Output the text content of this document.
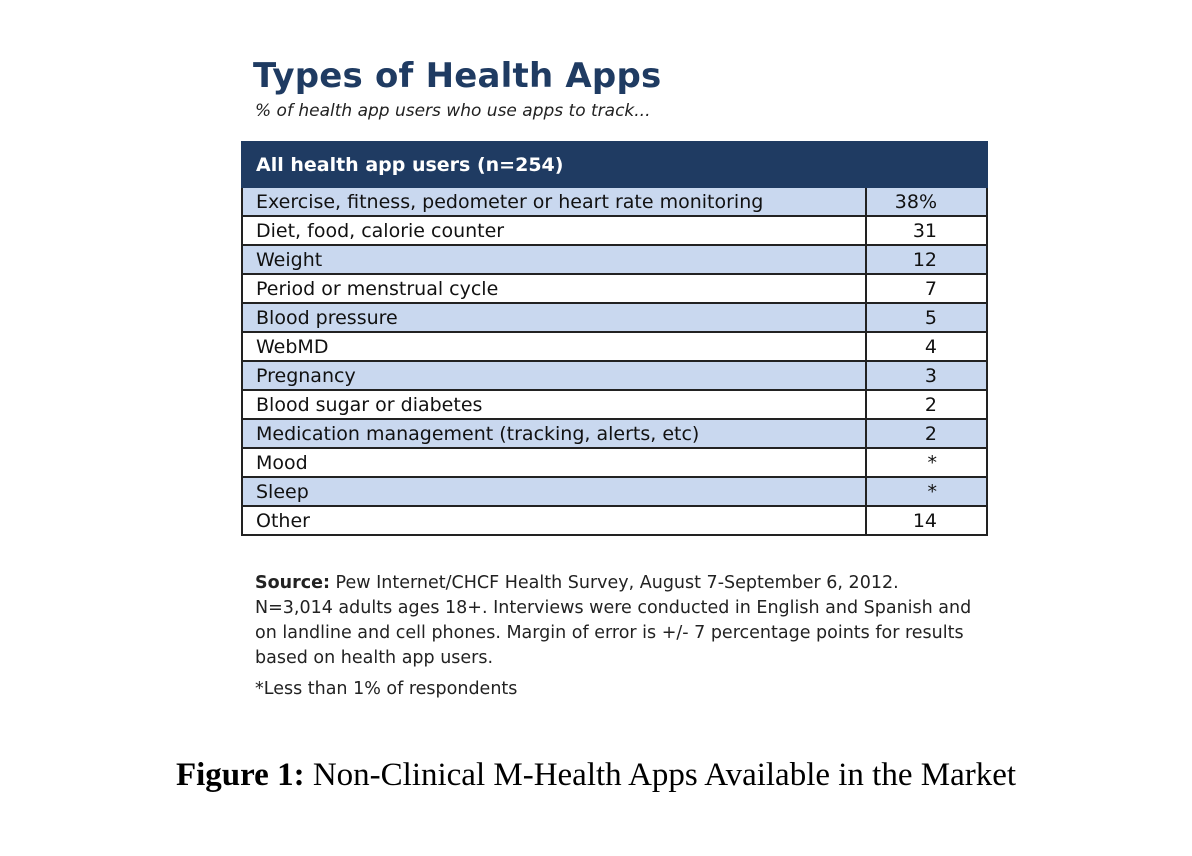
Types of Health Apps
% of health app users who use apps to track...
All health app users (n=254)	
Exercise, fitness, pedometer or heart rate monitoring	38%
Diet, food, calorie counter	31
Weight	12
Period or menstrual cycle	7
Blood pressure	5
WebMD	4
Pregnancy	3
Blood sugar or diabetes	2
Medication management (tracking, alerts, etc)	2
Mood	*
Sleep	*
Other	14
Source: Pew Internet/CHCF Health Survey, August 7-September 6, 2012. N=3,014 adults ages 18+. Interviews were conducted in English and Spanish and on landline and cell phones. Margin of error is +/- 7 percentage points for results based on health app users.
*Less than 1% of respondents
Figure 1: Non-Clinical M-Health Apps Available in the Market
